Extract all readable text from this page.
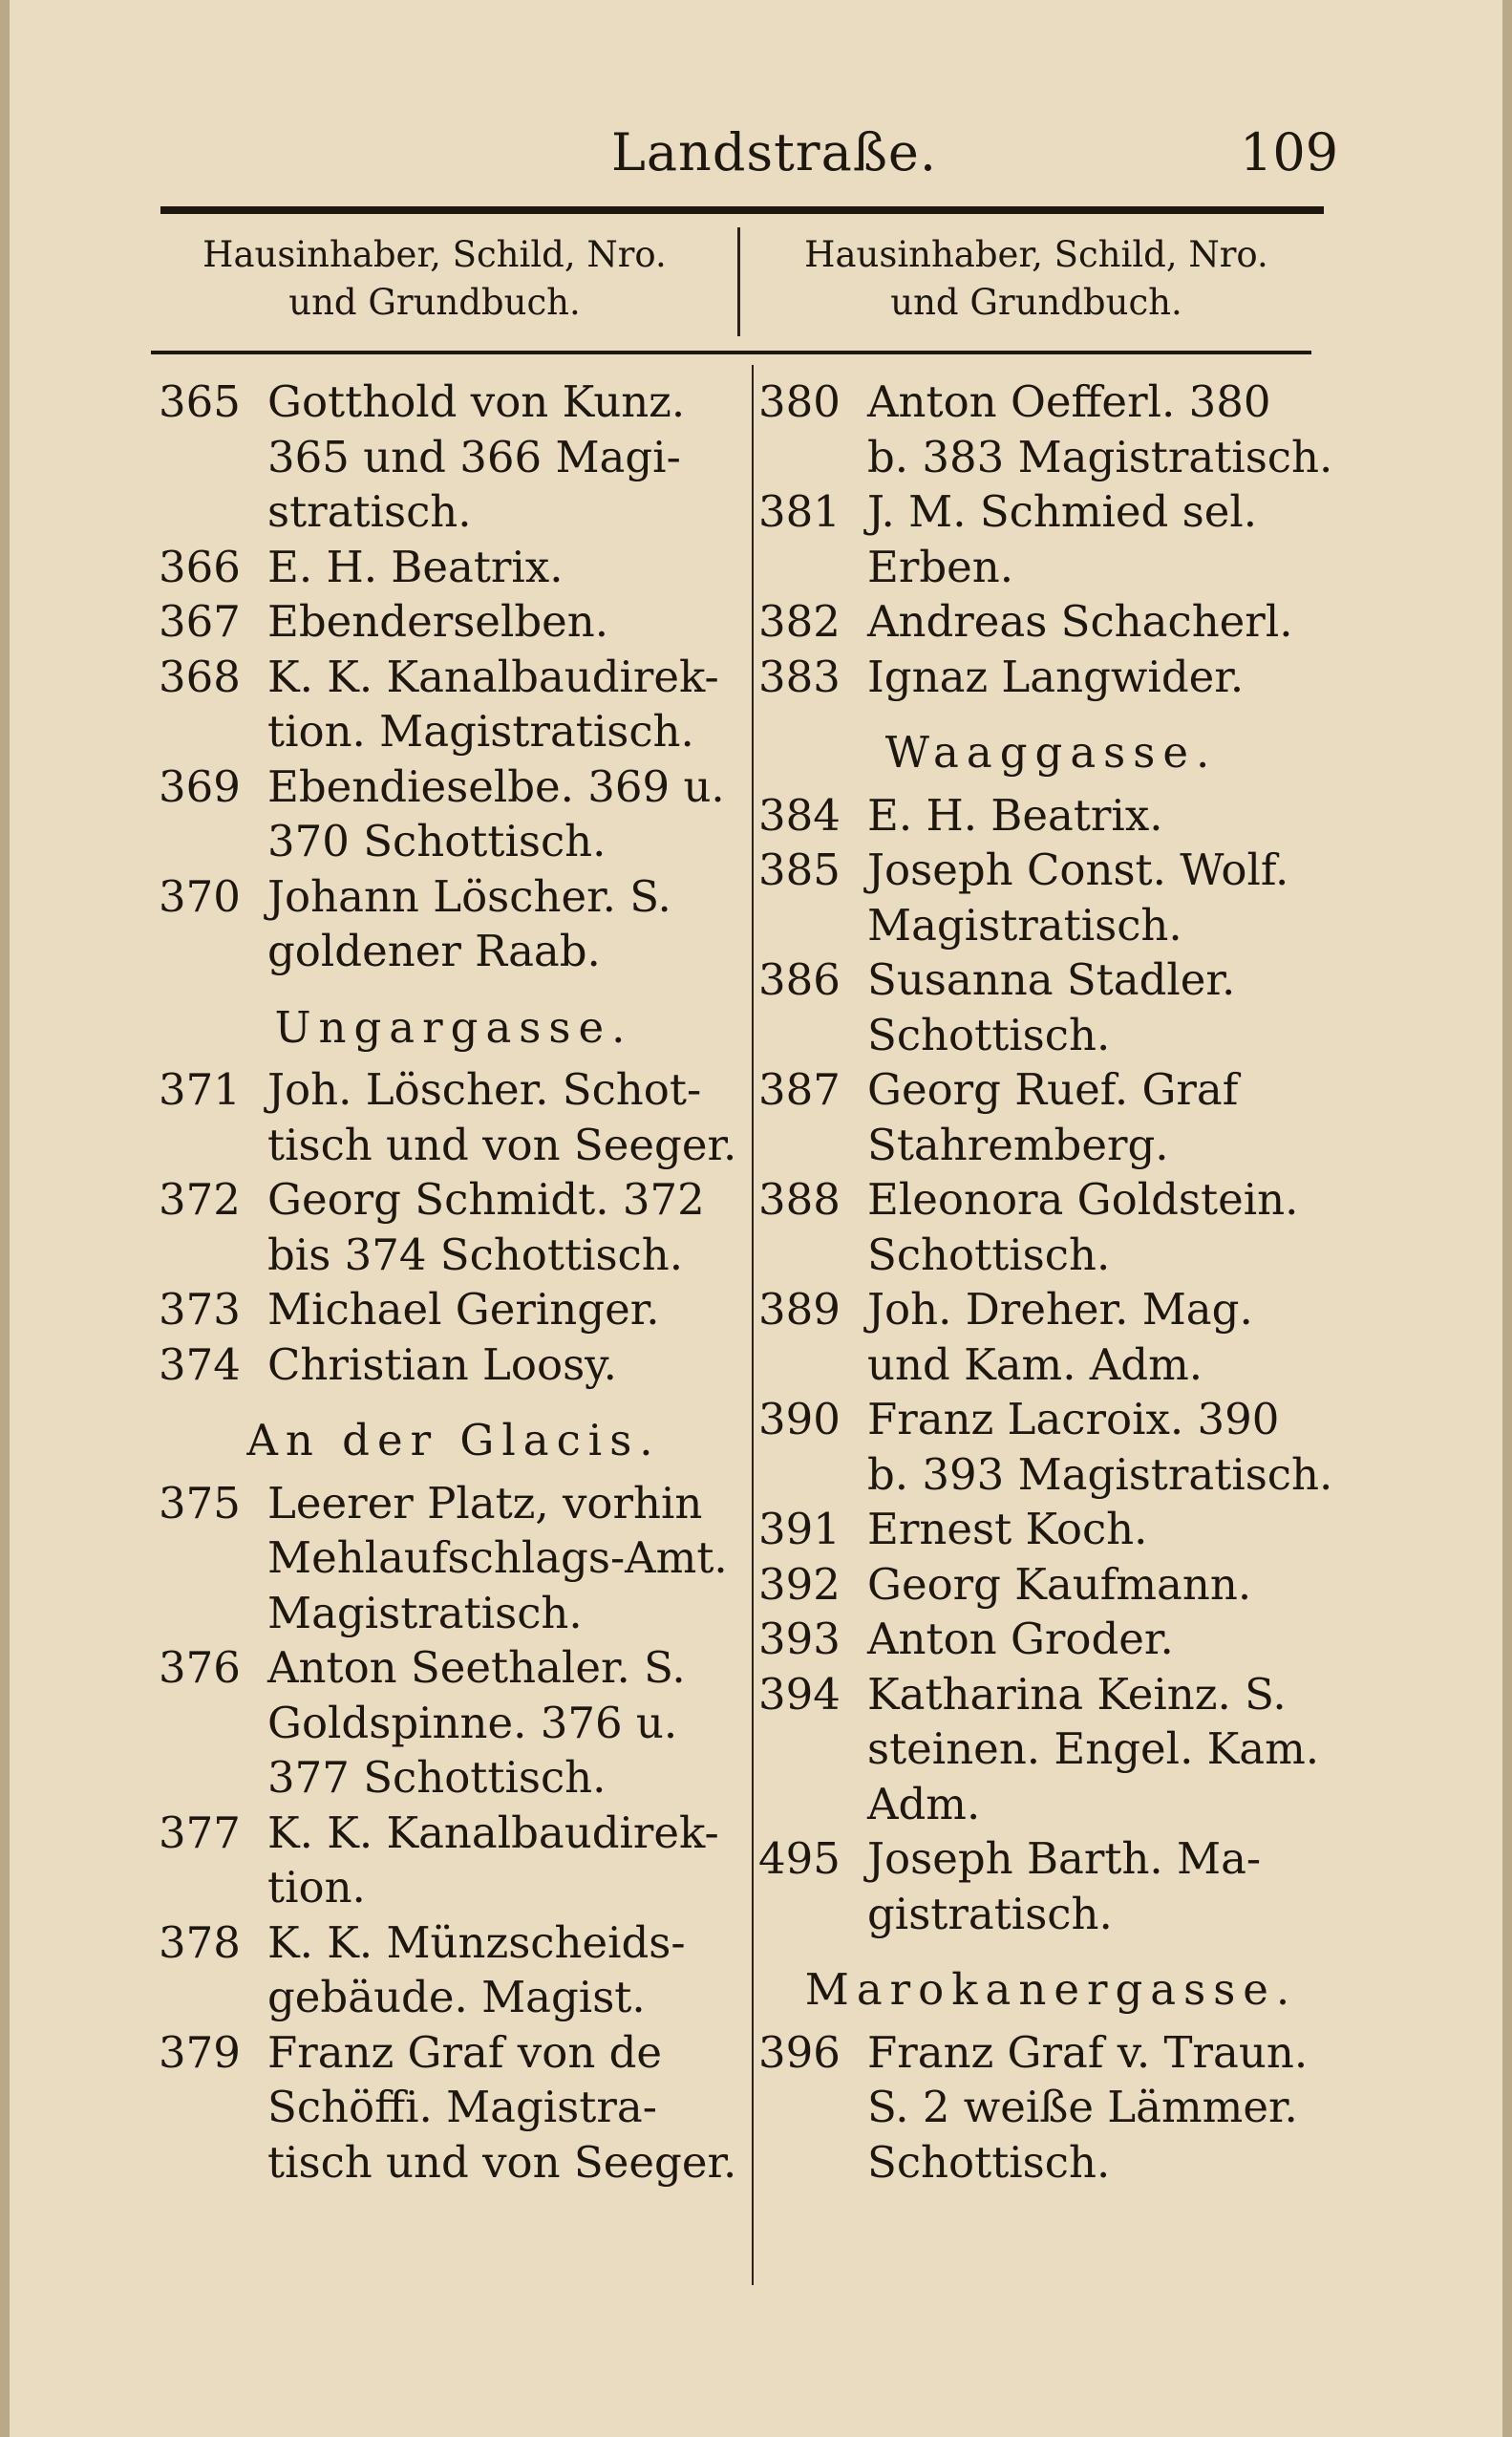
Landstraße.	109
Hausinhaber, Schild, Nro.
und Grundbuch.
Hausinhaber, Schild, Nro.
und Grundbuch.
365 Gotthold von Kunz.
365 und 366 Magi-
stratisch.
366 E. H. Beatrix.
367 Ebenderselben.
368 K. K. Kanalbaudirek-
tion. Magistratisch.
369 Ebendieselbe. 369 u.
370 Schottisch.
370 Johann Löscher. S.
goldener Raab.
Ungargasse.
371 Joh. Löscher. Schot-
tisch und von Seeger.
372 Georg Schmidt. 372
bis 374 Schottisch.
373 Michael Geringer.
374 Christian Loosy.
An der Glacis.
375 Leerer Platz, vorhin
Mehlaufschlags-Amt.
Magistratisch.
376 Anton Seethaler. S.
Goldspinne. 376 u.
377 Schottisch.
377 K. K. Kanalbaudirek-
tion.
378 K. K. Münzscheids-
gebäude. Magist.
379 Franz Graf von de
Schöffi. Magistra-
tisch und von Seeger.
380 Anton Oefferl. 380
b. 383 Magistratisch.
381 J. M. Schmied sel.
Erben.
382 Andreas Schacherl.
383 Ignaz Langwider.
Waaggasse.
384 E. H. Beatrix.
385 Joseph Const. Wolf.
Magistratisch.
386 Susanna Stadler.
Schottisch.
387 Georg Ruef. Graf
Stahremberg.
388 Eleonora Goldstein.
Schottisch.
389 Joh. Dreher. Mag.
und Kam. Adm.
390 Franz Lacroix. 390
b. 393 Magistratisch.
391 Ernest Koch.
392 Georg Kaufmann.
393 Anton Groder.
394 Katharina Keinz. S.
steinen. Engel. Kam.
Adm.
495 Joseph Barth. Ma-
gistratisch.
Marokanergasse.
396 Franz Graf v. Traun.
S. 2 weiße Lämmer.
Schottisch.
